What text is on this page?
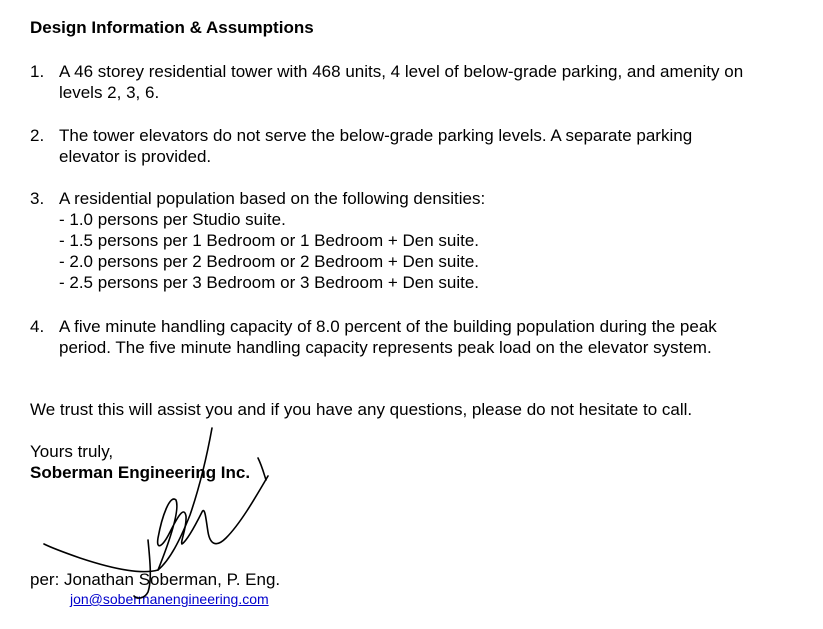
Design Information & Assumptions
1. A 46 storey residential tower with 468 units, 4 level of below-grade parking, and amenity on
levels 2, 3, 6.
2. The tower elevators do not serve the below-grade parking levels. A separate parking
elevator is provided.
3. A residential population based on the following densities:
- 1.0 persons per Studio suite.
- 1.5 persons per 1 Bedroom or 1 Bedroom + Den suite.
- 2.0 persons per 2 Bedroom or 2 Bedroom + Den suite.
- 2.5 persons per 3 Bedroom or 3 Bedroom + Den suite.
4. A five minute handling capacity of 8.0 percent of the building population during the peak
period. The five minute handling capacity represents peak load on the elevator system.
We trust this will assist you and if you have any questions, please do not hesitate to call.
Yours truly,
Soberman Engineering Inc.
per: Jonathan Soberman, P. Eng.
jon@sobermanengineering.com
